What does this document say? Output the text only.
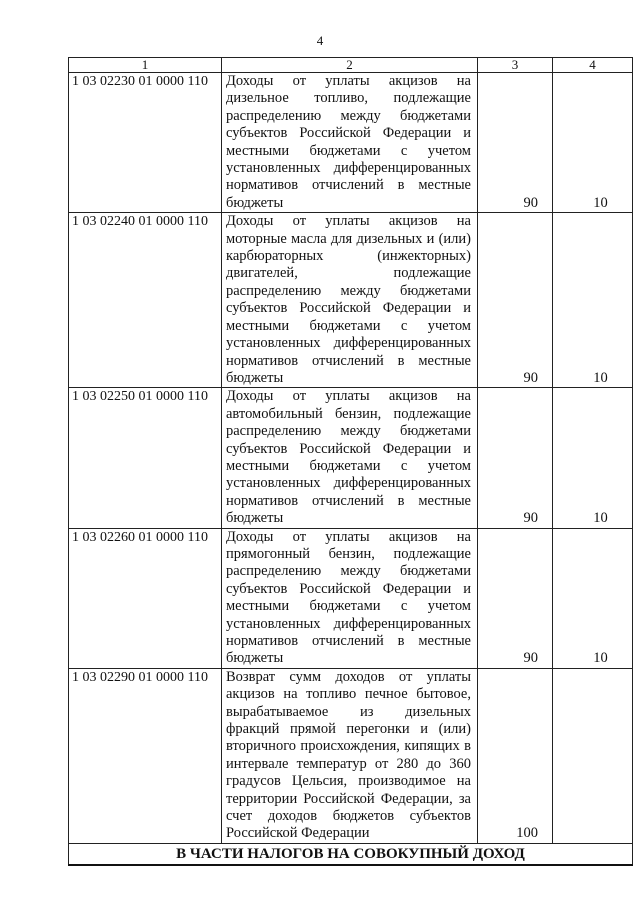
4
1	2	3	4
1 03 02230 01 0000 110	Доходы от уплаты акцизов на дизельное топливо, подлежащие распределению между бюджетами субъектов Российской Федерации и местными бюджетами с учетом установленных дифференцированных нормативов отчислений в местные бюджеты	90	10
1 03 02240 01 0000 110	Доходы от уплаты акцизов на моторные масла для дизельных и (или) карбюраторных (инжекторных) двигателей, подлежащие распределению между бюджетами субъектов Российской Федерации и местными бюджетами с учетом установленных дифференцированных нормативов отчислений в местные бюджеты	90	10
1 03 02250 01 0000 110	Доходы от уплаты акцизов на автомобильный бензин, подлежащие распределению между бюджетами субъектов Российской Федерации и местными бюджетами с учетом установленных дифференцированных нормативов отчислений в местные бюджеты	90	10
1 03 02260 01 0000 110	Доходы от уплаты акцизов на прямогонный бензин, подлежащие распределению между бюджетами субъектов Российской Федерации и местными бюджетами с учетом установленных дифференцированных нормативов отчислений в местные бюджеты	90	10
1 03 02290 01 0000 110	Возврат сумм доходов от уплаты акцизов на топливо печное бытовое, вырабатываемое из дизельных фракций прямой перегонки и (или) вторичного происхождения, кипящих в интервале температур от 280 до 360 градусов Цельсия, производимое на территории Российской Федерации, за счет доходов бюджетов субъектов Российской Федерации	100	
В ЧАСТИ НАЛОГОВ НА СОВОКУПНЫЙ ДОХОД			
